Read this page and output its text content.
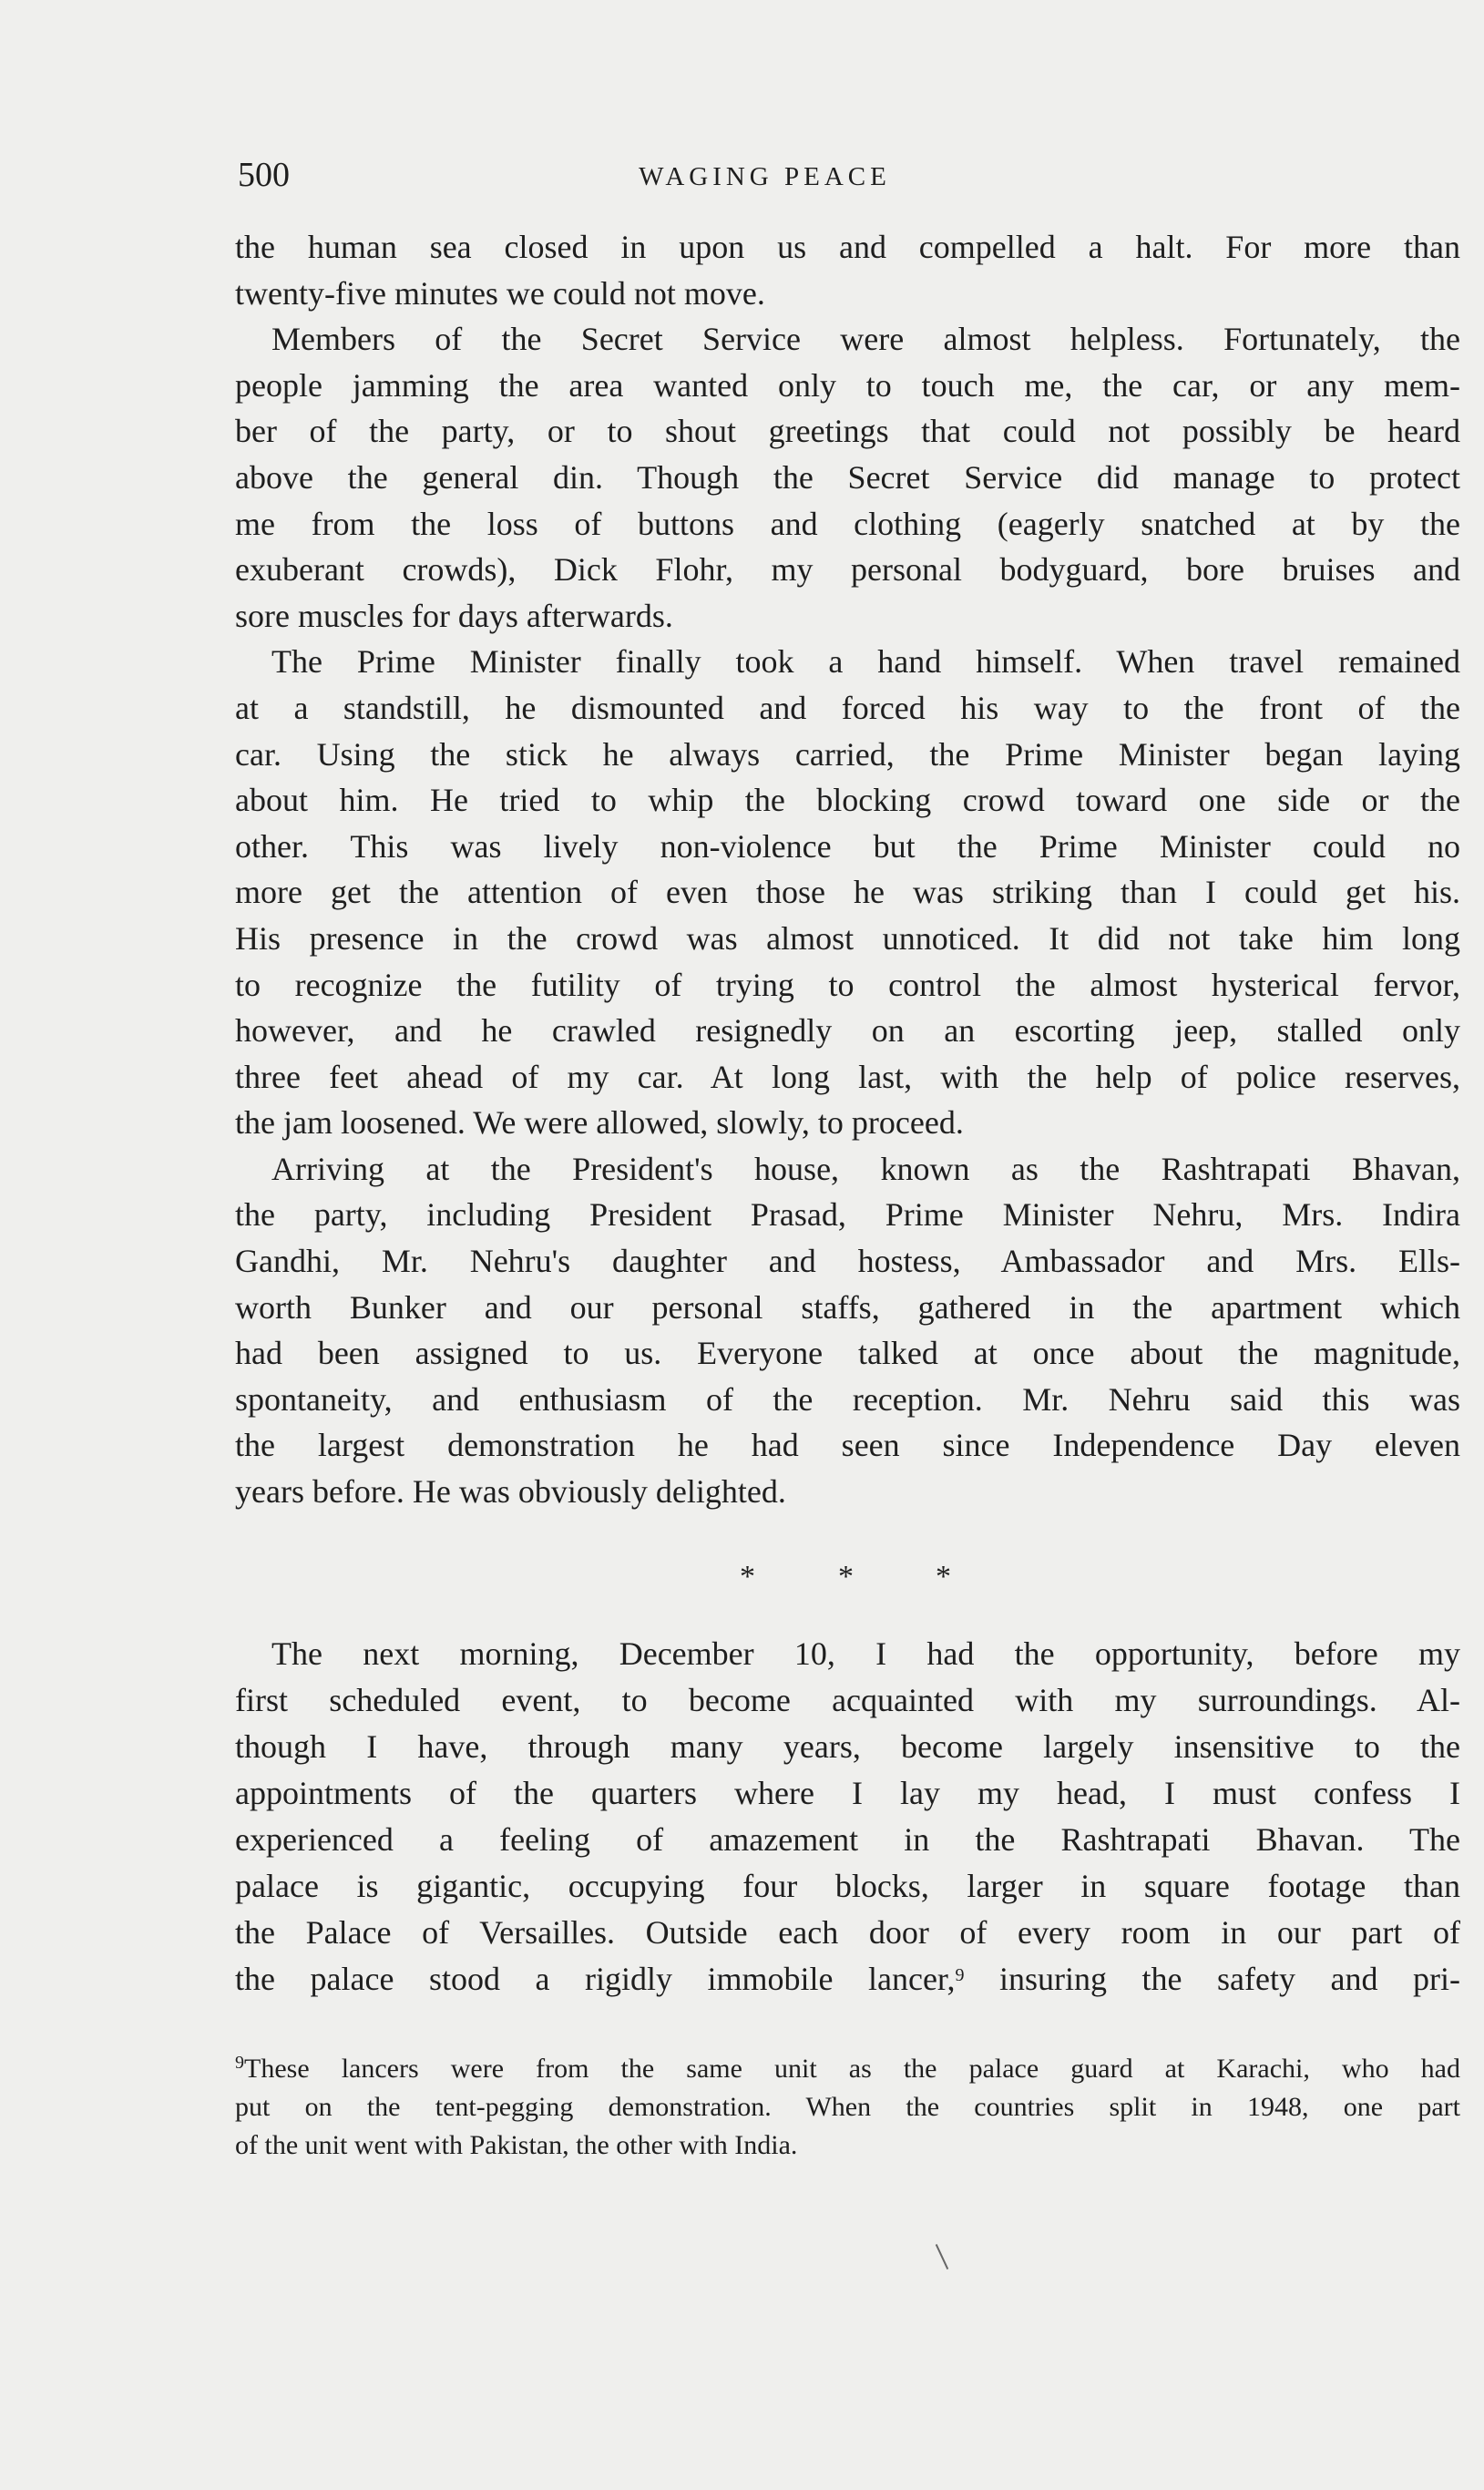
500	WAGING PEACE
the human sea closed in upon us and compelled a halt. For more than
twenty-five minutes we could not move.
Members of the Secret Service were almost helpless. Fortunately, the
people jamming the area wanted only to touch me, the car, or any mem-
ber of the party, or to shout greetings that could not possibly be heard
above the general din. Though the Secret Service did manage to protect
me from the loss of buttons and clothing (eagerly snatched at by the
exuberant crowds), Dick Flohr, my personal bodyguard, bore bruises and
sore muscles for days afterwards.
The Prime Minister finally took a hand himself. When travel remained
at a standstill, he dismounted and forced his way to the front of the
car. Using the stick he always carried, the Prime Minister began laying
about him. He tried to whip the blocking crowd toward one side or the
other. This was lively non-violence but the Prime Minister could no
more get the attention of even those he was striking than I could get his.
His presence in the crowd was almost unnoticed. It did not take him long
to recognize the futility of trying to control the almost hysterical fervor,
however, and he crawled resignedly on an escorting jeep, stalled only
three feet ahead of my car. At long last, with the help of police reserves,
the jam loosened. We were allowed, slowly, to proceed.
Arriving at the President's house, known as the Rashtrapati Bhavan,
the party, including President Prasad, Prime Minister Nehru, Mrs. Indira
Gandhi, Mr. Nehru's daughter and hostess, Ambassador and Mrs. Ells-
worth Bunker and our personal staffs, gathered in the apartment which
had been assigned to us. Everyone talked at once about the magnitude,
spontaneity, and enthusiasm of the reception. Mr. Nehru said this was
the largest demonstration he had seen since Independence Day eleven
years before. He was obviously delighted.
*	*	*
The next morning, December 10, I had the opportunity, before my
first scheduled event, to become acquainted with my surroundings. Al-
though I have, through many years, become largely insensitive to the
appointments of the quarters where I lay my head, I must confess I
experienced a feeling of amazement in the Rashtrapati Bhavan. The
palace is gigantic, occupying four blocks, larger in square footage than
the Palace of Versailles. Outside each door of every room in our part of
the palace stood a rigidly immobile lancer,$^9$ insuring the safety and pri-
$^9$These lancers were from the same unit as the palace guard at Karachi, who had
put on the tent-pegging demonstration. When the countries split in 1948, one part
of the unit went with Pakistan, the other with India.
